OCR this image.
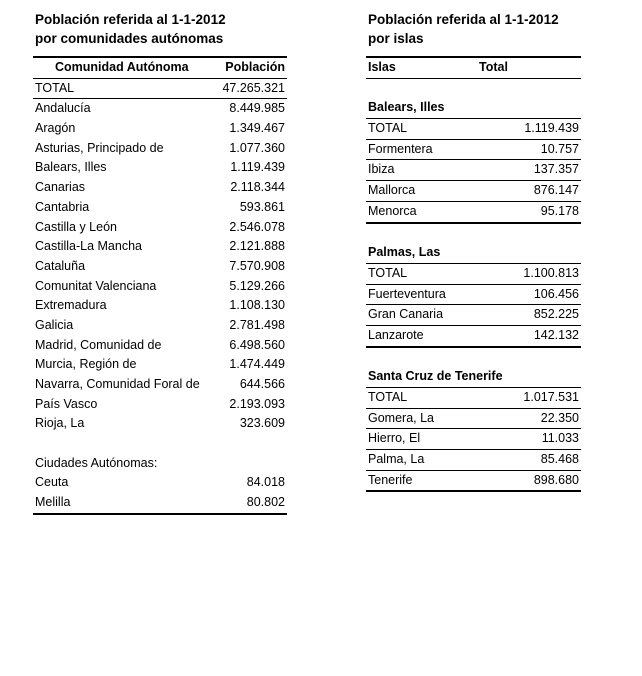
Población referida al 1-1-2012
por comunidades autónomas
Comunidad Autónoma	Población
TOTAL	47.265.321
Andalucía	8.449.985
Aragón	1.349.467
Asturias, Principado de	1.077.360
Balears, Illes	1.119.439
Canarias	2.118.344
Cantabria	593.861
Castilla y León	2.546.078
Castilla-La Mancha	2.121.888
Cataluña	7.570.908
Comunitat Valenciana	5.129.266
Extremadura	1.108.130
Galicia	2.781.498
Madrid, Comunidad de	6.498.560
Murcia, Región de	1.474.449
Navarra, Comunidad Foral de	644.566
País Vasco	2.193.093
Rioja, La	323.609
Ciudades Autónomas:
Ceuta	84.018
Melilla	80.802
Población referida al 1-1-2012
por islas
Islas	Total
Balears, Illes
TOTAL	1.119.439
Formentera	10.757
Ibiza	137.357
Mallorca	876.147
Menorca	95.178
Palmas, Las
TOTAL	1.100.813
Fuerteventura	106.456
Gran Canaria	852.225
Lanzarote	142.132
Santa Cruz de Tenerife
TOTAL	1.017.531
Gomera, La	22.350
Hierro, El	11.033
Palma, La	85.468
Tenerife	898.680
